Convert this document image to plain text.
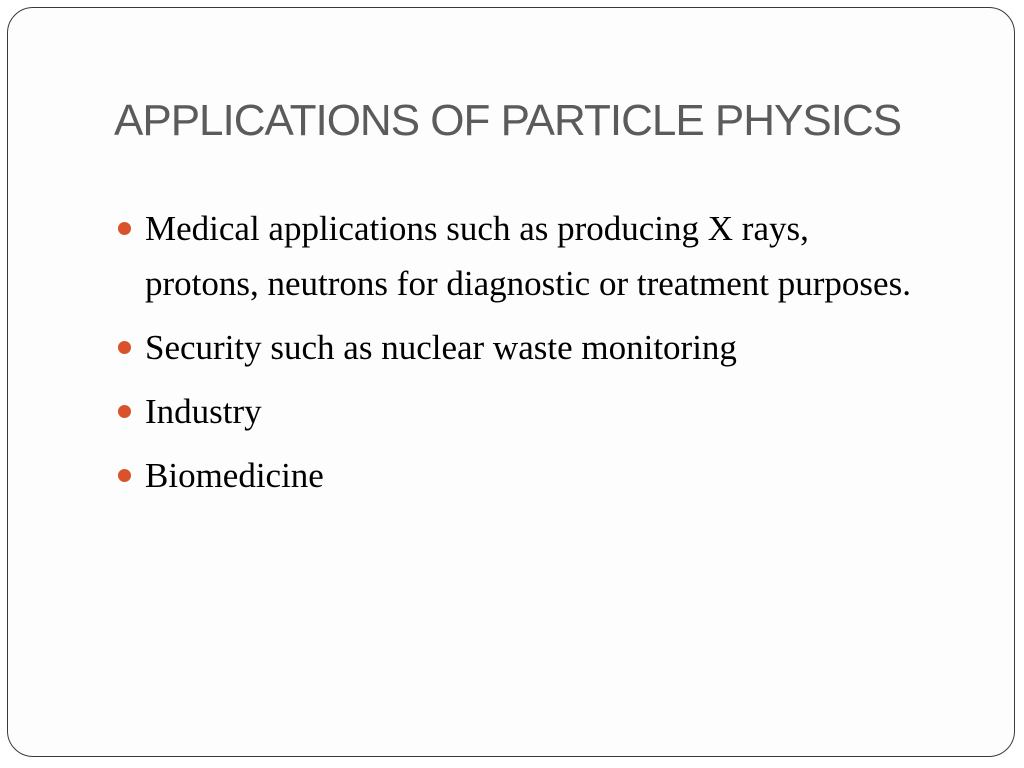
APPLICATIONS OF PARTICLE PHYSICS
Medical applications such as producing X rays, protons, neutrons for diagnostic or treatment purposes.
Security such as nuclear waste monitoring
Industry
Biomedicine
